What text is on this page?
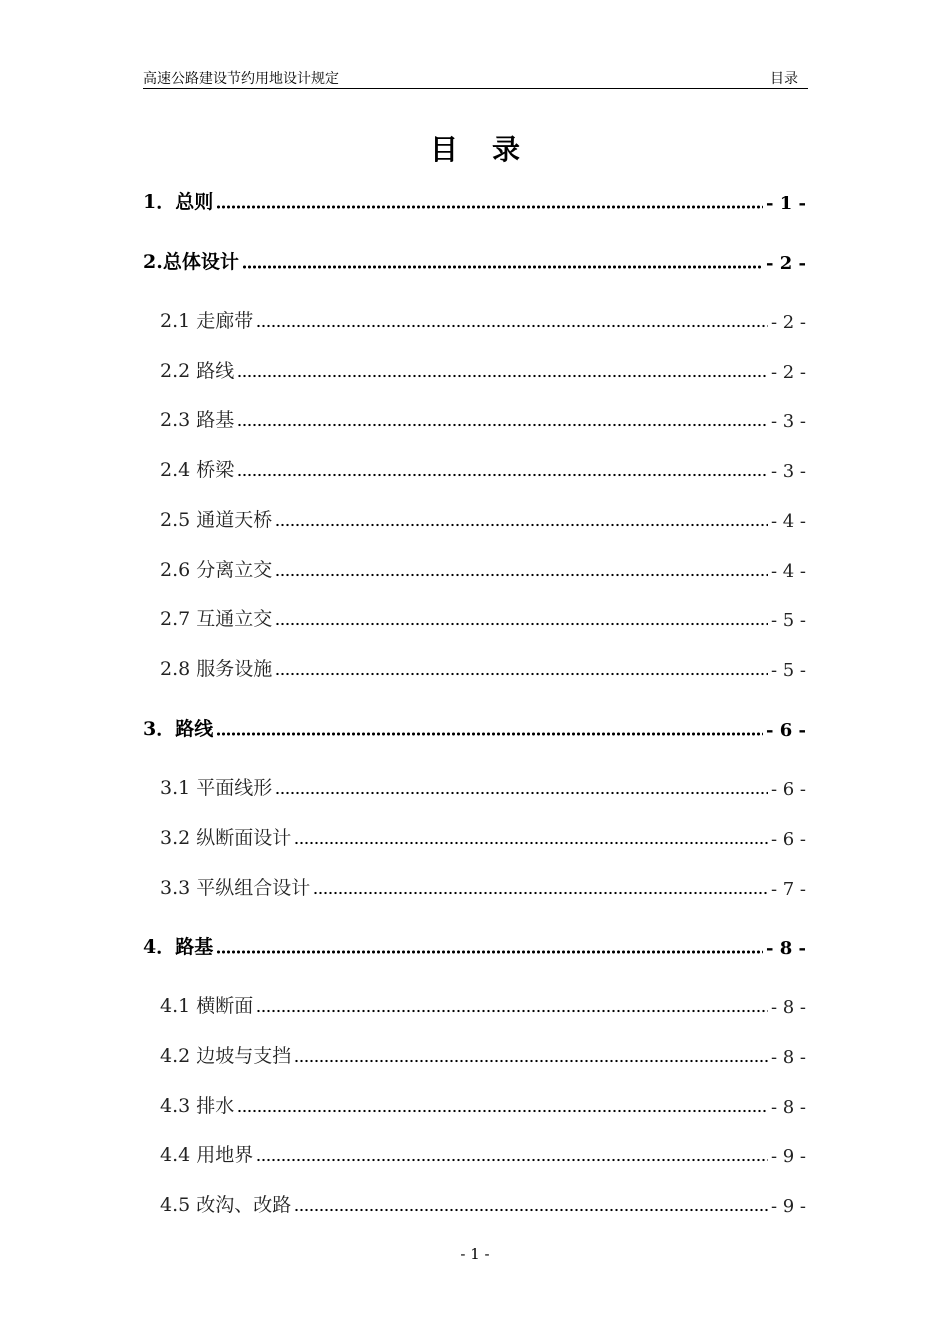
高速公路建设节约用地设计规定	目录
目录
1．总则	- 1 -
2.总体设计	- 2 -
2.1 走廊带	- 2 -
2.2 路线	- 2 -
2.3 路基	- 3 -
2.4 桥梁	- 3 -
2.5 通道天桥	- 4 -
2.6 分离立交	- 4 -
2.7 互通立交	- 5 -
2.8 服务设施	- 5 -
3．路线	- 6 -
3.1 平面线形	- 6 -
3.2 纵断面设计	- 6 -
3.3 平纵组合设计	- 7 -
4．路基	- 8 -
4.1 横断面	- 8 -
4.2 边坡与支挡	- 8 -
4.3 排水	- 8 -
4.4 用地界	- 9 -
4.5 改沟、改路	- 9 -
- 1 -
